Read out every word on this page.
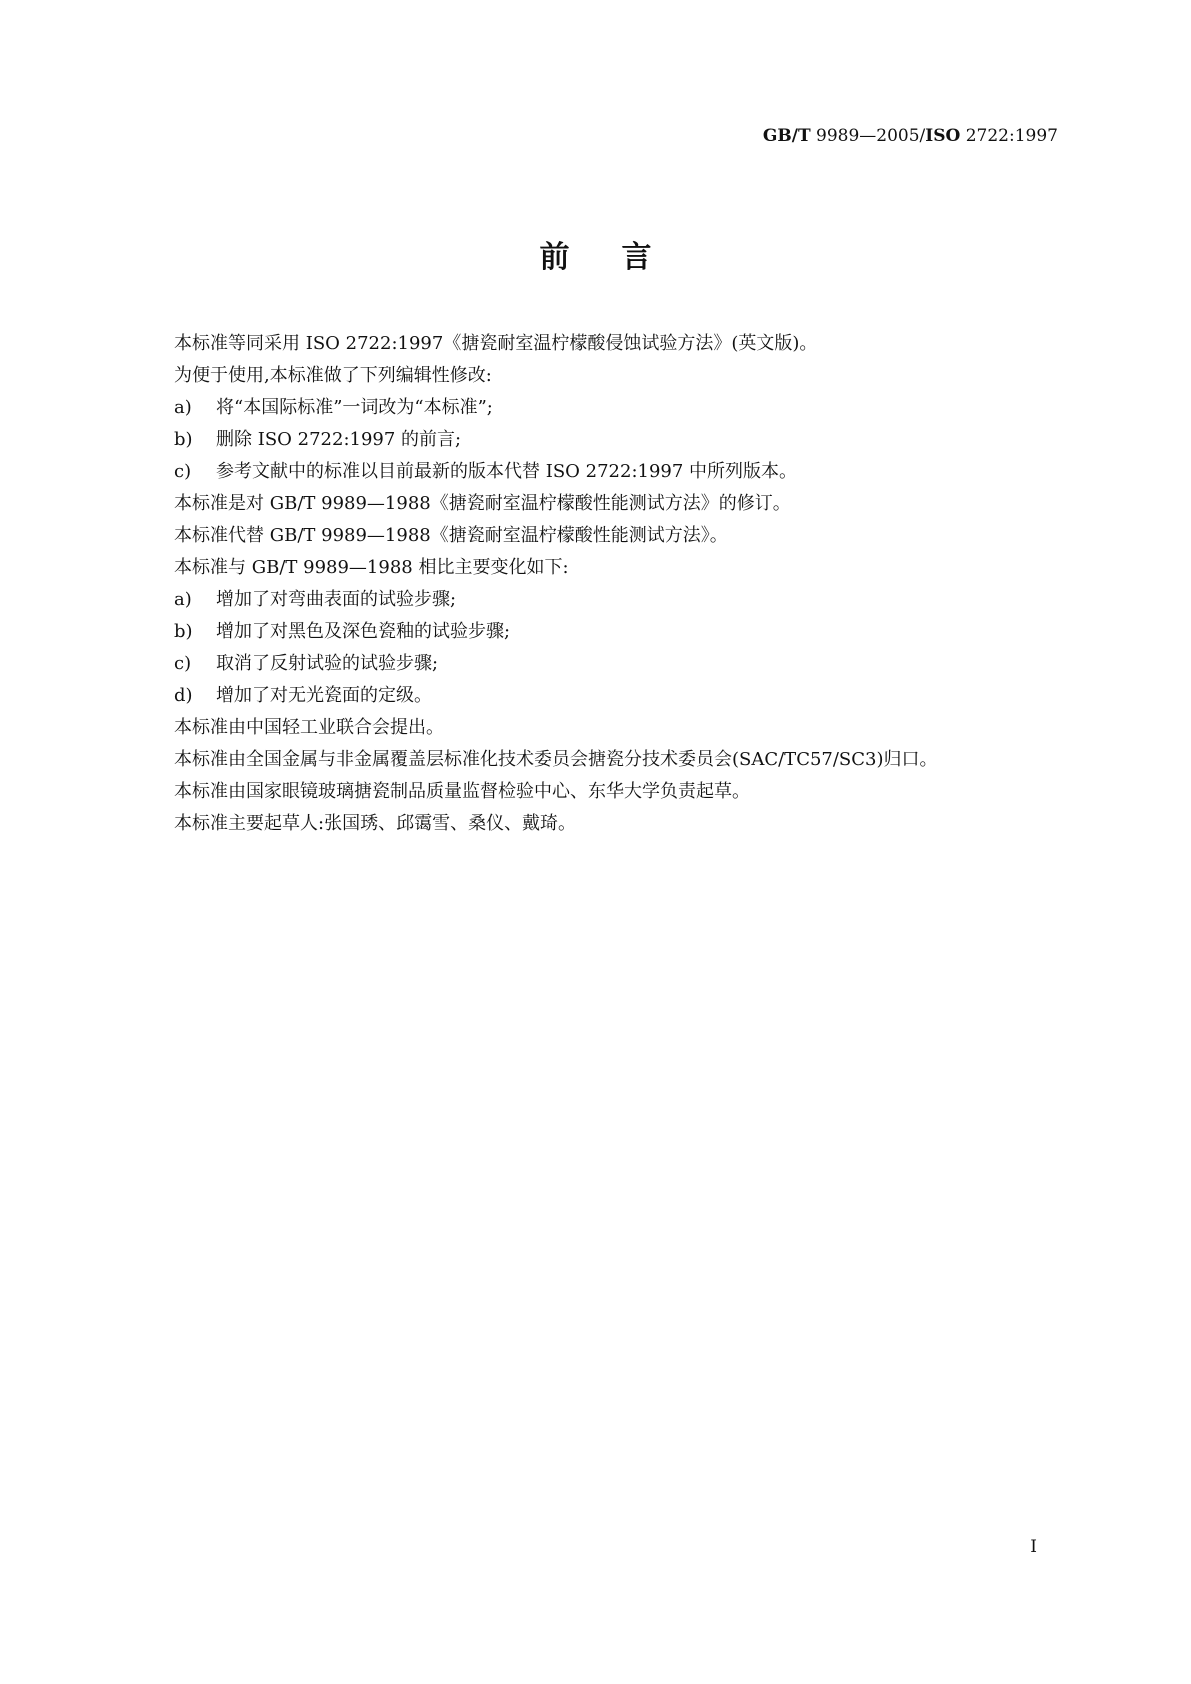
GB/T 9989—2005/ISO 2722:1997
前言
本标准等同采用 ISO 2722:1997《搪瓷耐室温柠檬酸侵蚀试验方法》(英文版)。
为便于使用,本标准做了下列编辑性修改:
a) 将“本国际标准”一词改为“本标准”;
b) 删除 ISO 2722:1997 的前言;
c) 参考文献中的标准以目前最新的版本代替 ISO 2722:1997 中所列版本。
本标准是对 GB/T 9989—1988《搪瓷耐室温柠檬酸性能测试方法》的修订。
本标准代替 GB/T 9989—1988《搪瓷耐室温柠檬酸性能测试方法》。
本标准与 GB/T 9989—1988 相比主要变化如下:
a) 增加了对弯曲表面的试验步骤;
b) 增加了对黑色及深色瓷釉的试验步骤;
c) 取消了反射试验的试验步骤;
d) 增加了对无光瓷面的定级。
本标准由中国轻工业联合会提出。
本标准由全国金属与非金属覆盖层标准化技术委员会搪瓷分技术委员会(SAC/TC57/SC3)归口。
本标准由国家眼镜玻璃搪瓷制品质量监督检验中心、东华大学负责起草。
本标准主要起草人:张国琇、邱霭雪、桑仪、戴琦。
I
